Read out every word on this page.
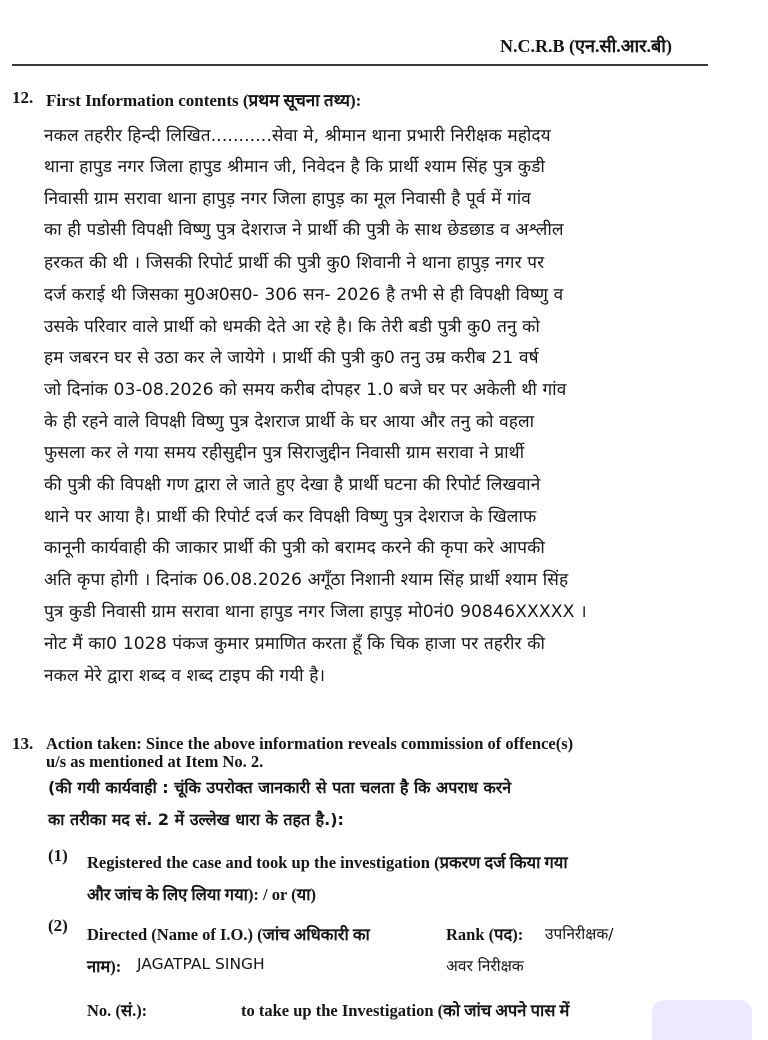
N.C.R.B (एन.सी.आर.बी)
12. First Information contents (प्रथम सूचना तथ्य):
नकल तहरीर हिन्दी लिखित...........सेवा मे, श्रीमान थाना प्रभारी निरीक्षक महोदय
थाना हापुड नगर जिला हापुड श्रीमान जी, निवेदन है कि प्रार्थी श्याम सिंह पुत्र कुडी
निवासी ग्राम सरावा थाना हापुड़ नगर जिला हापुड़ का मूल निवासी है पूर्व में गांव
का ही पडोसी विपक्षी विष्णु पुत्र देशराज ने प्रार्थी की पुत्री के साथ छेडछाड व अश्लील
हरकत की थी । जिसकी रिपोर्ट प्रार्थी की पुत्री कु0 शिवानी ने थाना हापुड़ नगर पर
दर्ज कराई थी जिसका मु0अ0स0- 306 सन- 2026 है तभी से ही विपक्षी विष्णु व
उसके परिवार वाले प्रार्थी को धमकी देते आ रहे है। कि तेरी बडी पुत्री कु0 तनु को
हम जबरन घर से उठा कर ले जायेगे । प्रार्थी की पुत्री कु0 तनु उम्र करीब 21 वर्ष
जो दिनांक 03-08.2026 को समय करीब दोपहर 1.0 बजे घर पर अकेली थी गांव
के ही रहने वाले विपक्षी विष्णु पुत्र देशराज प्रार्थी के घर आया और तनु को वहला
फुसला कर ले गया समय रहीसुद्दीन पुत्र सिराजुद्दीन निवासी ग्राम सरावा ने प्रार्थी
की पुत्री की विपक्षी गण द्वारा ले जाते हुए देखा है प्रार्थी घटना की रिपोर्ट लिखवाने
थाने पर आया है। प्रार्थी की रिपोर्ट दर्ज कर विपक्षी विष्णु पुत्र देशराज के खिलाफ
कानूनी कार्यवाही की जाकार प्रार्थी की पुत्री को बरामद करने की कृपा करे आपकी
अति कृपा होगी । दिनांक 06.08.2026 अगूँठा निशानी श्याम सिंह प्रार्थी श्याम सिंह
पुत्र कुडी निवासी ग्राम सरावा थाना हापुड नगर जिला हापुड़ मो0नं0 90846XXXXX ।
नोट मैं का0 1028 पंकज कुमार प्रमाणित करता हूँ कि चिक हाजा पर तहरीर की
नकल मेरे द्वारा शब्द व शब्द टाइप की गयी है।
13. Action taken: Since the above information reveals commission of offence(s)
u/s as mentioned at Item No. 2.
(की गयी कार्यवाही : चूंकि उपरोक्त जानकारी से पता चलता है कि अपराध करने
का तरीका मद सं. 2 में उल्लेख धारा के तहत है.):
(1) Registered the case and took up the investigation (प्रकरण दर्ज किया गया
और जांच के लिए लिया गया): / or (या)
(2) Directed (Name of I.O.) (जांच अधिकारी का
नाम): JAGATPAL SINGH
Rank (पद): उपनिरीक्षक/
अवर निरीक्षक
No. (सं.):	to take up the Investigation (को जांच अपने पास में
